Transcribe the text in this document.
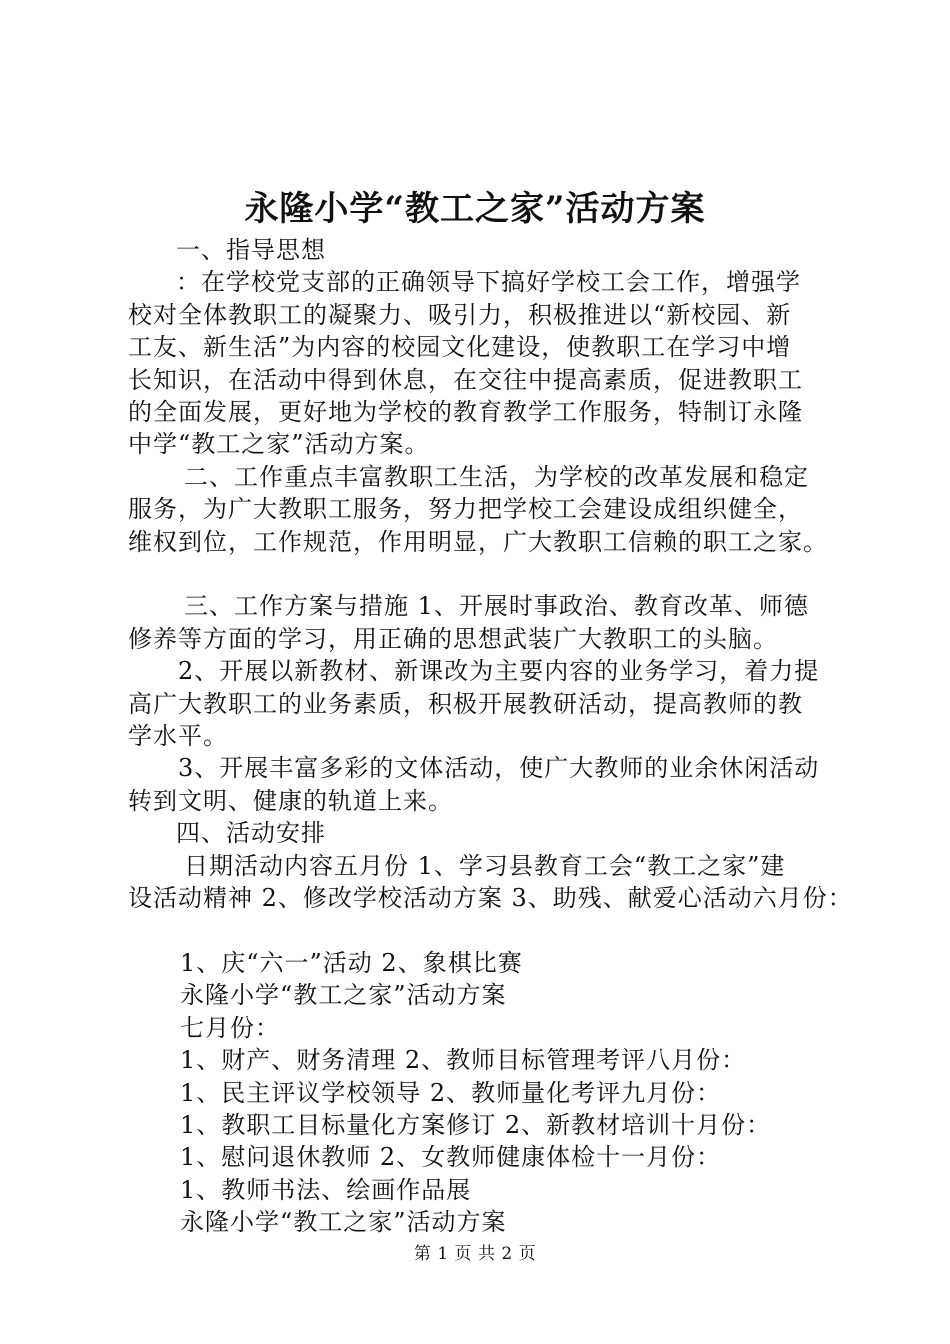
永隆小学“教工之家”活动方案

一、指导思想

：在学校党支部的正确领导下搞好学校工会工作，增强学

校对全体教职工的凝聚力、吸引力，积极推进以“新校园、新

工友、新生活”为内容的校园文化建设，使教职工在学习中增

长知识，在活动中得到休息，在交往中提高素质，促进教职工

的全面发展，更好地为学校的教育教学工作服务，特制订永隆

中学“教工之家”活动方案。

二、工作重点丰富教职工生活，为学校的改革发展和稳定

服务，为广大教职工服务，努力把学校工会建设成组织健全，

维权到位，工作规范，作用明显，广大教职工信赖的职工之家。

三、工作方案与措施 1、开展时事政治、教育改革、师德

修养等方面的学习，用正确的思想武装广大教职工的头脑。

2、开展以新教材、新课改为主要内容的业务学习，着力提

高广大教职工的业务素质，积极开展教研活动，提高教师的教

学水平。

3、开展丰富多彩的文体活动，使广大教师的业余休闲活动

转到文明、健康的轨道上来。

四、活动安排

日期活动内容五月份 1、学习县教育工会“教工之家”建

设活动精神 2、修改学校活动方案 3、助残、献爱心活动六月份：

1、庆“六一”活动 2、象棋比赛

永隆小学“教工之家”活动方案

七月份：

1、财产、财务清理 2、教师目标管理考评八月份：

1、民主评议学校领导 2、教师量化考评九月份：

1、教职工目标量化方案修订 2、新教材培训十月份：

1、慰问退休教师 2、女教师健康体检十一月份：

1、教师书法、绘画作品展

永隆小学“教工之家”活动方案

第 1 页 共 2 页
